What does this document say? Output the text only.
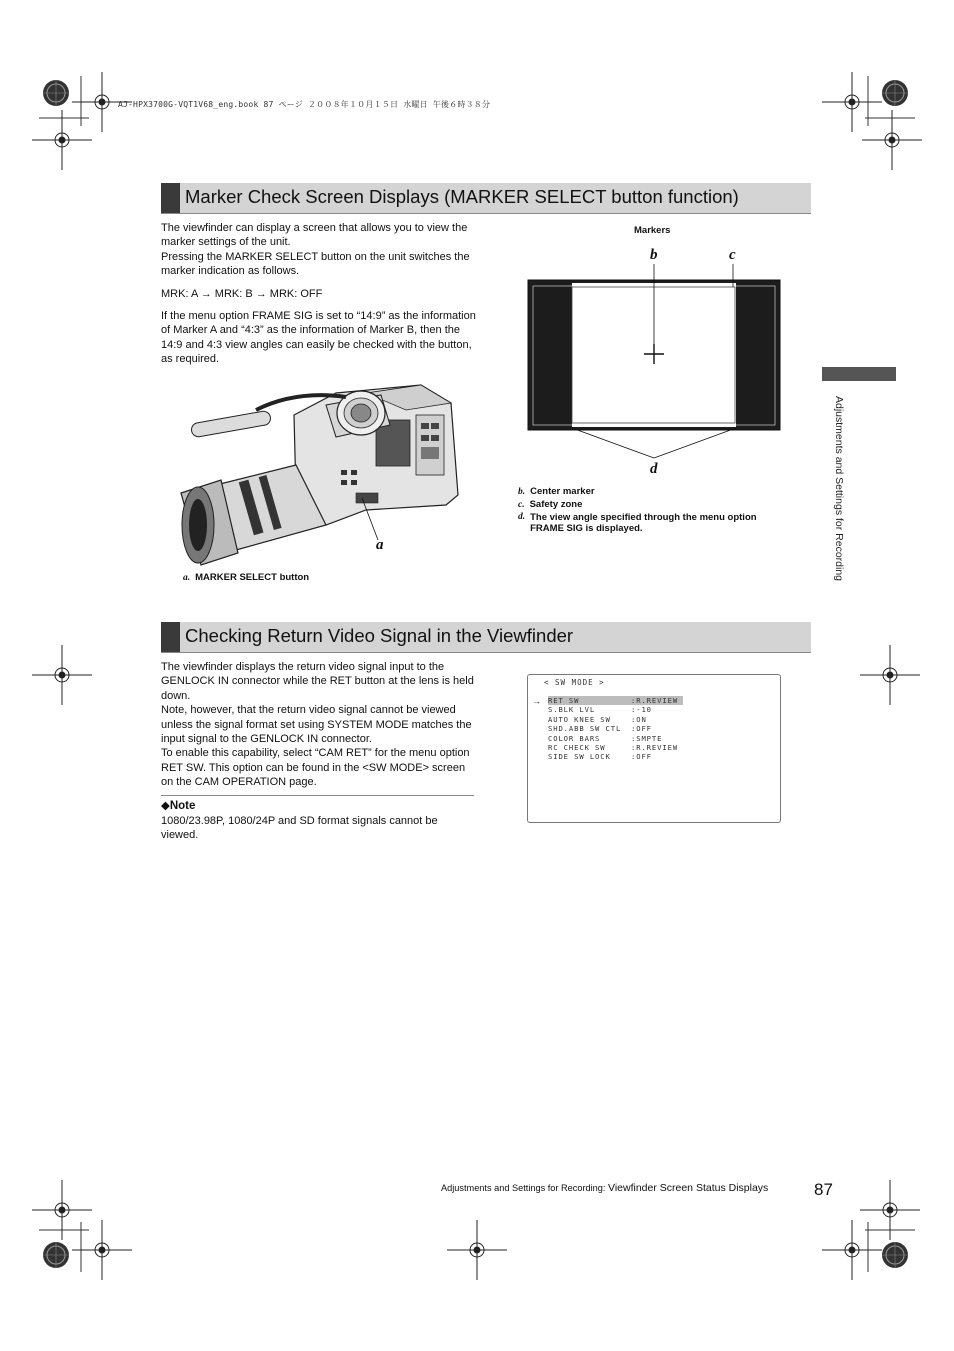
AJ-HPX3700G-VQT1V68_eng.book 87 ページ ２００８年１０月１５日 水曜日 午後６時３８分
Marker Check Screen Displays (MARKER SELECT button function)

The viewfinder can display a screen that allows you to view the marker settings of the unit.

Pressing the MARKER SELECT button on the unit switches the marker indication as follows.

MRK: A → MRK: B → MRK: OFF

If the menu option FRAME SIG is set to “14:9” as the information of Marker A and “4:3” as the information of Marker B, then the 14:9 and 4:3 view angles can easily be checked with the button, as required.

a
a. MARKER SELECT button
Markers
b	c
d
b. Center marker
c. Safety zone
d. The view angle specified through the menu option FRAME SIG is displayed.	Adjustments and Settings for Recording
Checking Return Video Signal in the Viewfinder

The viewfinder displays the return video signal input to the GENLOCK IN connector while the RET button at the lens is held down.

Note, however, that the return video signal cannot be viewed unless the signal format set using SYSTEM MODE matches the input signal to the GENLOCK IN connector.

To enable this capability, select “CAM RET” for the menu option RET SW. This option can be found in the <SW MODE> screen on the CAM OPERATION page.

◆Note
1080/23.98P, 1080/24P and SD format signals cannot be viewed.
< SW MODE >
→ RET SW	:R.REVIEW
S.BLK LVL	:-10
AUTO KNEE SW	:ON
SHD.ABB SW CTL :OFF
COLOR BARS	:SMPTE
RC CHECK SW	:R.REVIEW
SIDE SW LOCK	:OFF
Adjustments and Settings for Recording: Viewfinder Screen Status Displays	87
